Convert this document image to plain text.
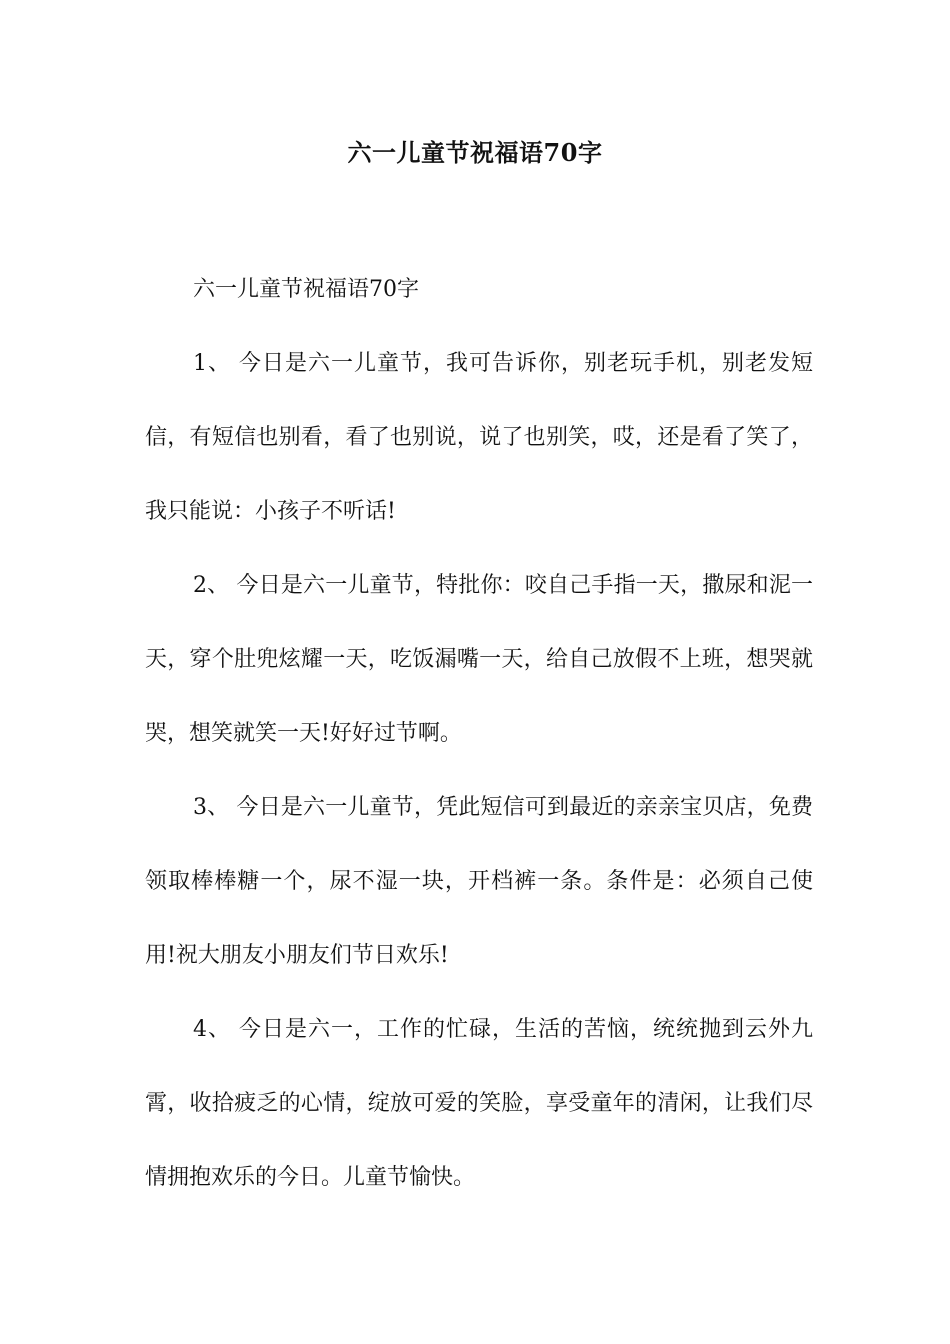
六一儿童节祝福语70字

六一儿童节祝福语70字

1、 今日是六一儿童节，我可告诉你，别老玩手机，别老发短信，有短信也别看，看了也别说，说了也别笑，哎，还是看了笑了，我只能说：小孩子不听话!

2、 今日是六一儿童节，特批你：咬自己手指一天，撒尿和泥一天，穿个肚兜炫耀一天，吃饭漏嘴一天，给自己放假不上班，想哭就哭，想笑就笑一天!好好过节啊。

3、 今日是六一儿童节，凭此短信可到最近的亲亲宝贝店，免费领取棒棒糖一个，尿不湿一块，开档裤一条。条件是：必须自己使用!祝大朋友小朋友们节日欢乐!

4、 今日是六一，工作的忙碌，生活的苦恼，统统抛到云外九霄，收拾疲乏的心情，绽放可爱的笑脸，享受童年的清闲，让我们尽情拥抱欢乐的今日。儿童节愉快。
